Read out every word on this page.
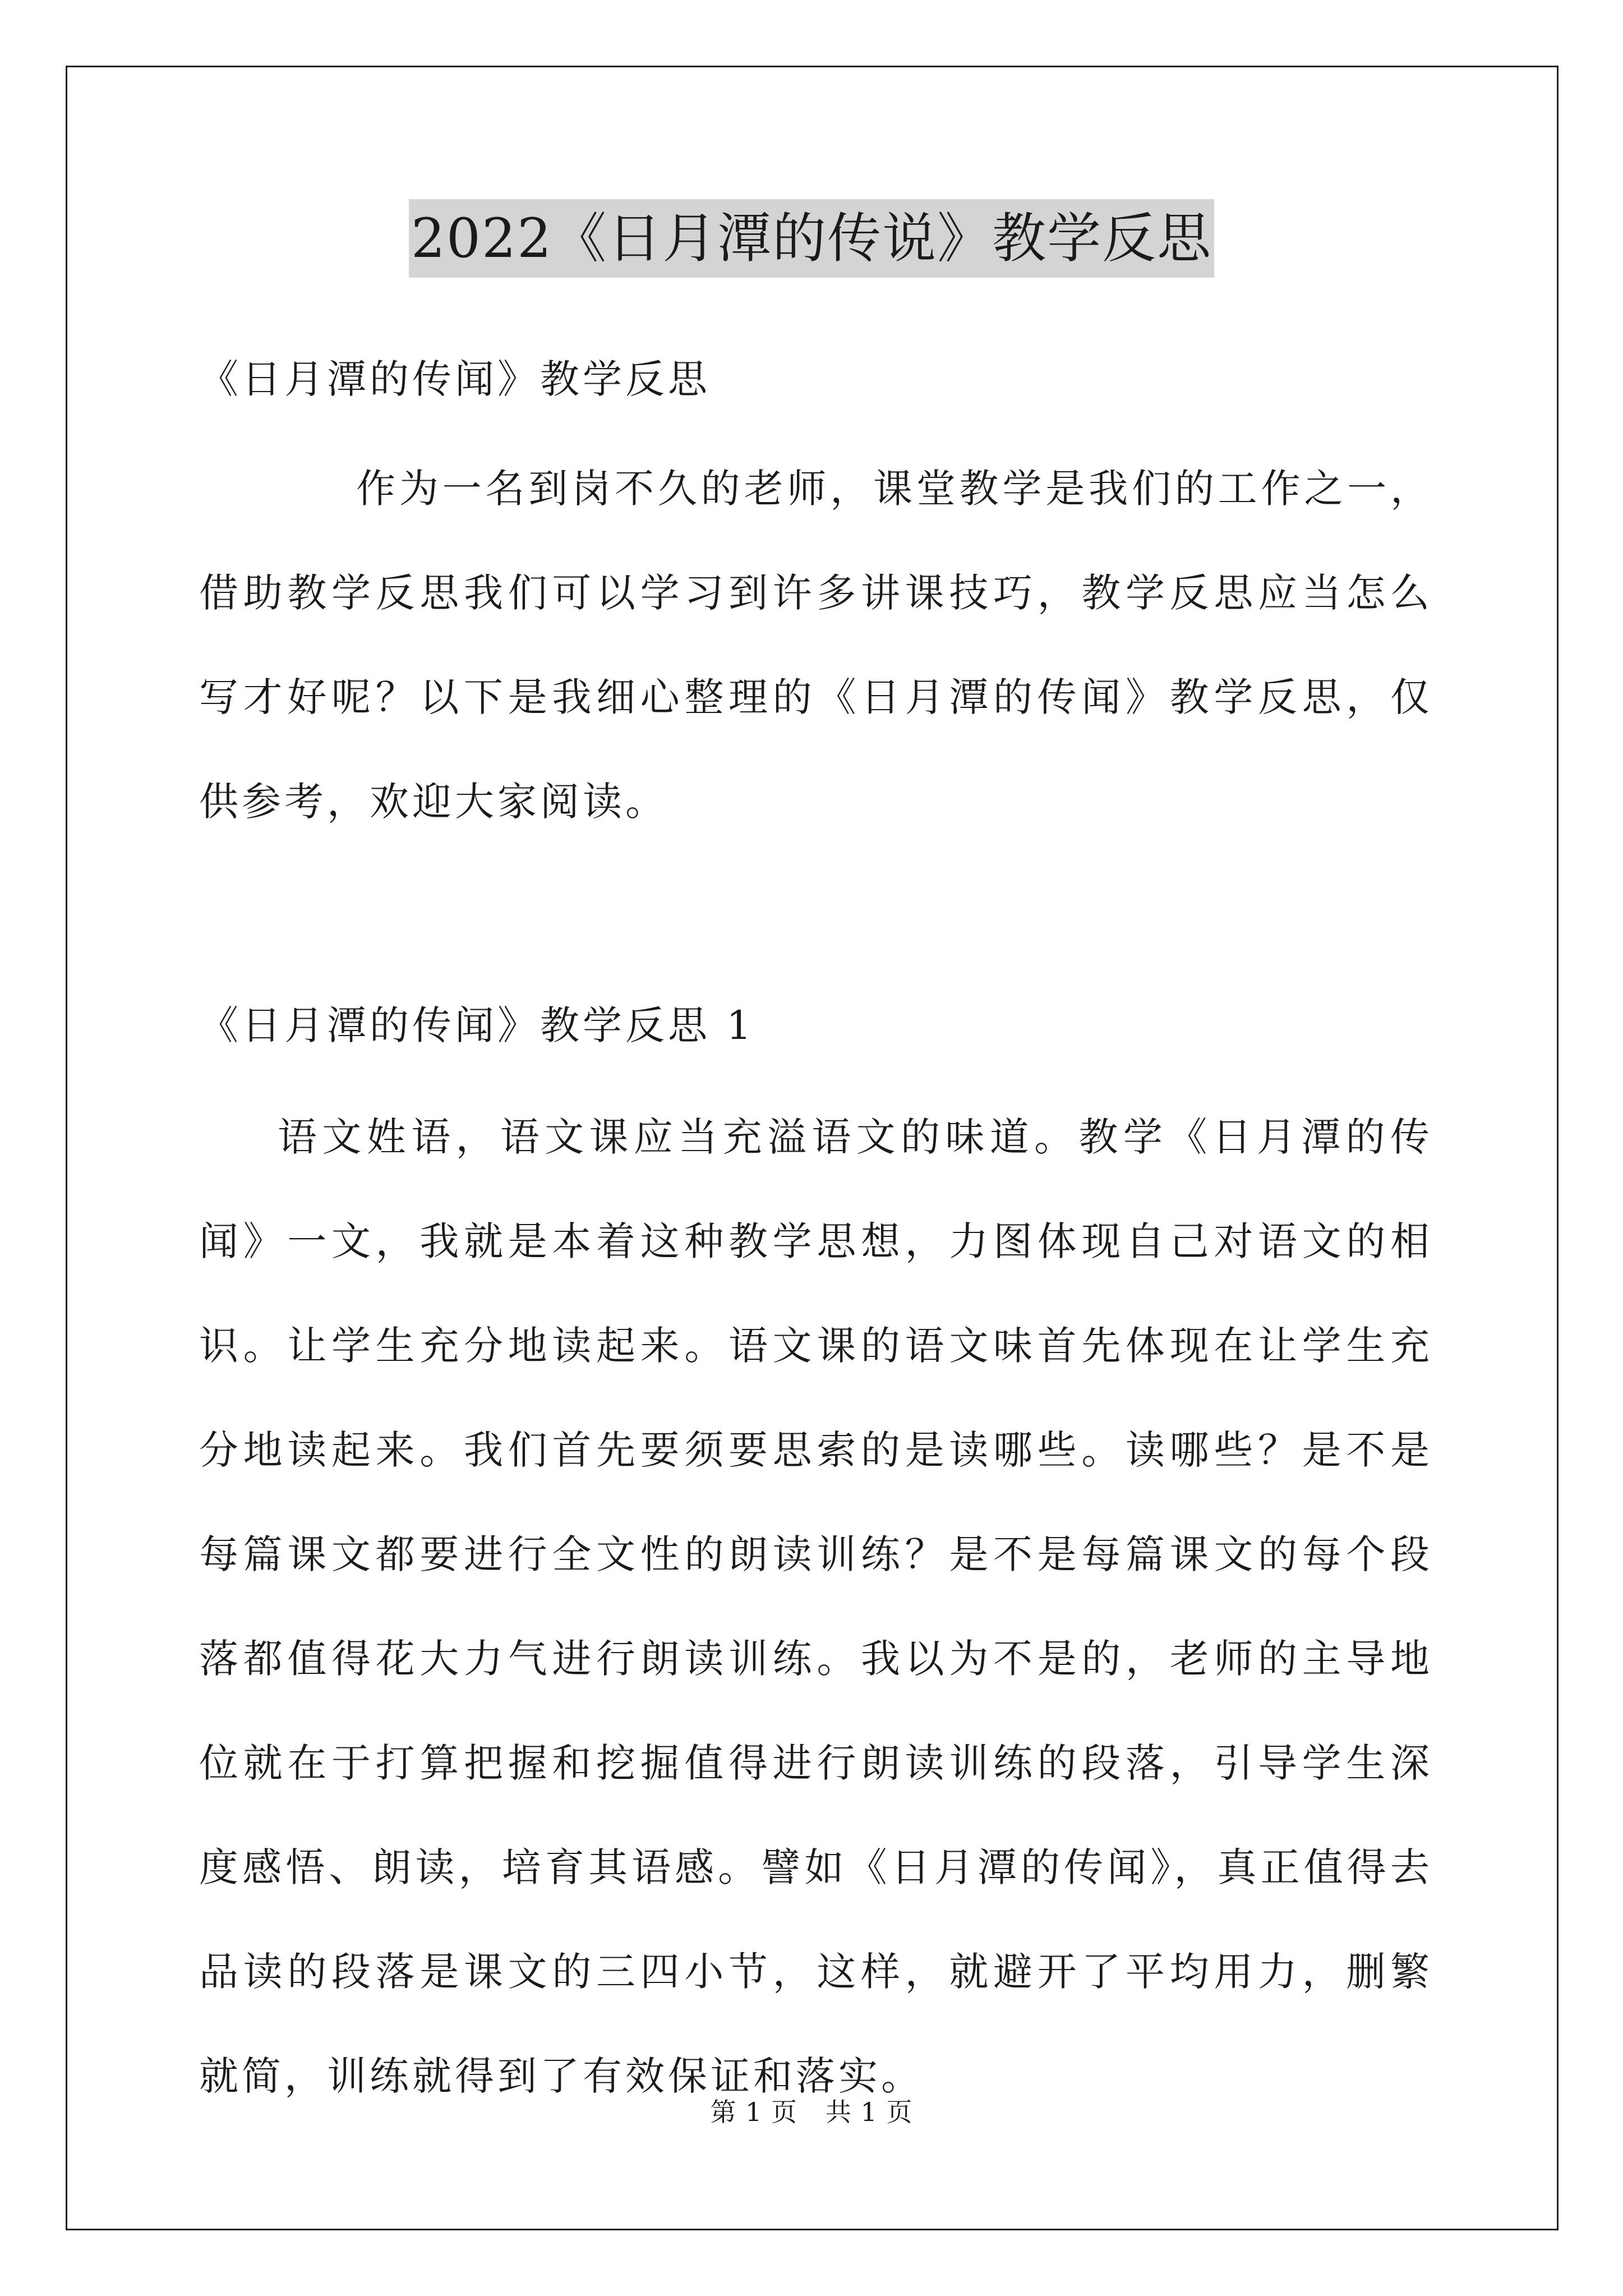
2022《日月潭的传说》教学反思
《日月潭的传闻》教学反思
作为一名到岗不久的老师，课堂教学是我们的工作之一，借助教学反思我们可以学习到许多讲课技巧，教学反思应当怎么写才好呢？以下是我细心整理的《日月潭的传闻》教学反思，仅供参考，欢迎大家阅读。
《日月潭的传闻》教学反思 1
语文姓语，语文课应当充溢语文的味道。教学《日月潭的传闻》一文，我就是本着这种教学思想，力图体现自己对语文的相识。让学生充分地读起来。语文课的语文味首先体现在让学生充分地读起来。我们首先要须要思索的是读哪些。读哪些？是不是每篇课文都要进行全文性的朗读训练？是不是每篇课文的每个段落都值得花大力气进行朗读训练。我以为不是的，老师的主导地位就在于打算把握和挖掘值得进行朗读训练的段落，引导学生深度感悟、朗读，培育其语感。譬如《日月潭的传闻》，真正值得去品读的段落是课文的三四小节，这样，就避开了平均用力，删繁就简，训练就得到了有效保证和落实。
第 1 页 共 1 页
